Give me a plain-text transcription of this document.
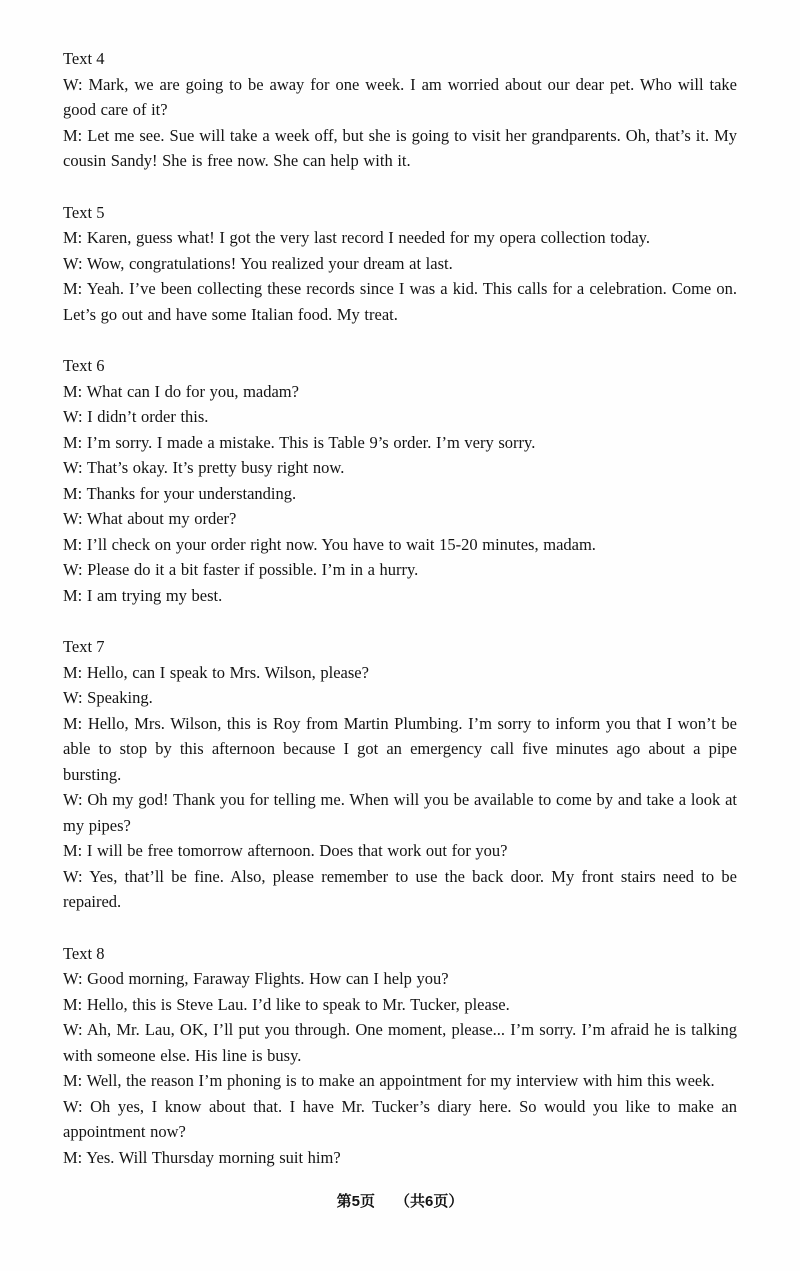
Text 4

W: Mark, we are going to be away for one week. I am worried about our dear pet. Who will take good care of it?

M: Let me see. Sue will take a week off, but she is going to visit her grandparents. Oh, that’s it. My cousin Sandy! She is free now. She can help with it.

Text 5

M: Karen, guess what! I got the very last record I needed for my opera collection today.

W: Wow, congratulations! You realized your dream at last.

M: Yeah. I’ve been collecting these records since I was a kid. This calls for a celebration. Come on. Let’s go out and have some Italian food. My treat.

Text 6

M: What can I do for you, madam?

W: I didn’t order this.

M: I’m sorry. I made a mistake. This is Table 9’s order. I’m very sorry.

W: That’s okay. It’s pretty busy right now.

M: Thanks for your understanding.

W: What about my order?

M: I’ll check on your order right now. You have to wait 15-20 minutes, madam.

W: Please do it a bit faster if possible. I’m in a hurry.

M: I am trying my best.

Text 7

M: Hello, can I speak to Mrs. Wilson, please?

W: Speaking.

M: Hello, Mrs. Wilson, this is Roy from Martin Plumbing. I’m sorry to inform you that I won’t be able to stop by this afternoon because I got an emergency call five minutes ago about a pipe bursting.

W: Oh my god! Thank you for telling me. When will you be available to come by and take a look at my pipes?

M: I will be free tomorrow afternoon. Does that work out for you?

W: Yes, that’ll be fine. Also, please remember to use the back door. My front stairs need to be repaired.

Text 8

W: Good morning, Faraway Flights. How can I help you?

M: Hello, this is Steve Lau. I’d like to speak to Mr. Tucker, please.

W: Ah, Mr. Lau, OK, I’ll put you through. One moment, please... I’m sorry. I’m afraid he is talking with someone else. His line is busy.

M: Well, the reason I’m phoning is to make an appointment for my interview with him this week.

W: Oh yes, I know about that. I have Mr. Tucker’s diary here. So would you like to make an appointment now?

M: Yes. Will Thursday morning suit him?

第5页 （共6页）
